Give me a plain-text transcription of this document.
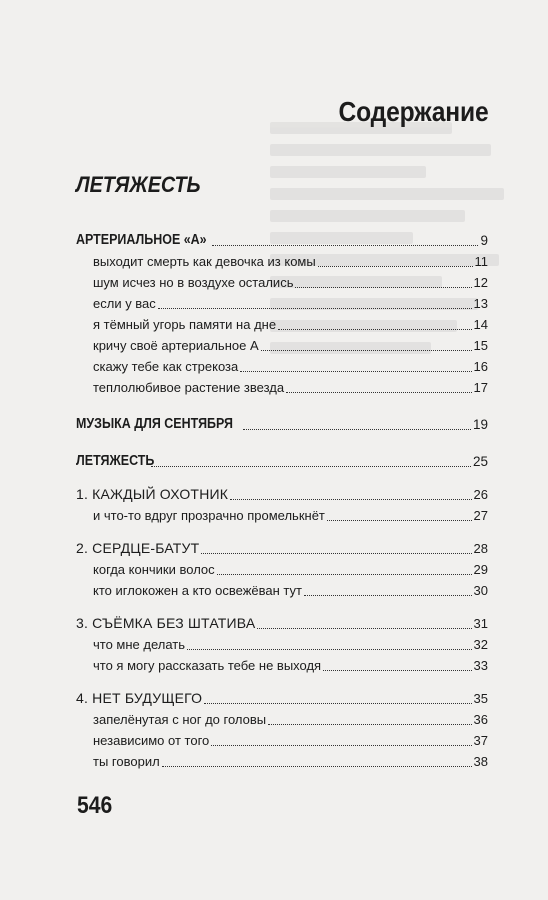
Содержание
ЛЕТЯЖЕСТЬ
АРТЕРИАЛЬНОЕ «А»	9
выходит смерть как девочка из комы	11
шум исчез но в воздухе остались	12
если у вас	13
я тёмный угорь памяти на дне	14
кричу своё артериальное А	15
скажу тебе как стрекоза	16
теплолюбивое растение звезда	17
МУЗЫКА ДЛЯ СЕНТЯБРЯ	19
ЛЕТЯЖЕСТЬ	25
1. КАЖДЫЙ ОХОТНИК	26
и что-то вдруг прозрачно промелькнёт	27
2. СЕРДЦЕ-БАТУТ	28
когда кончики волос	29
кто иглокожен а кто освежёван тут	30
3. СЪЁМКА БЕЗ ШТАТИВА	31
что мне делать	32
что я могу рассказать тебе не выходя	33
4. НЕТ БУДУЩЕГО	35
запелёнутая с ног до головы	36
независимо от того	37
ты говорил	38
546
